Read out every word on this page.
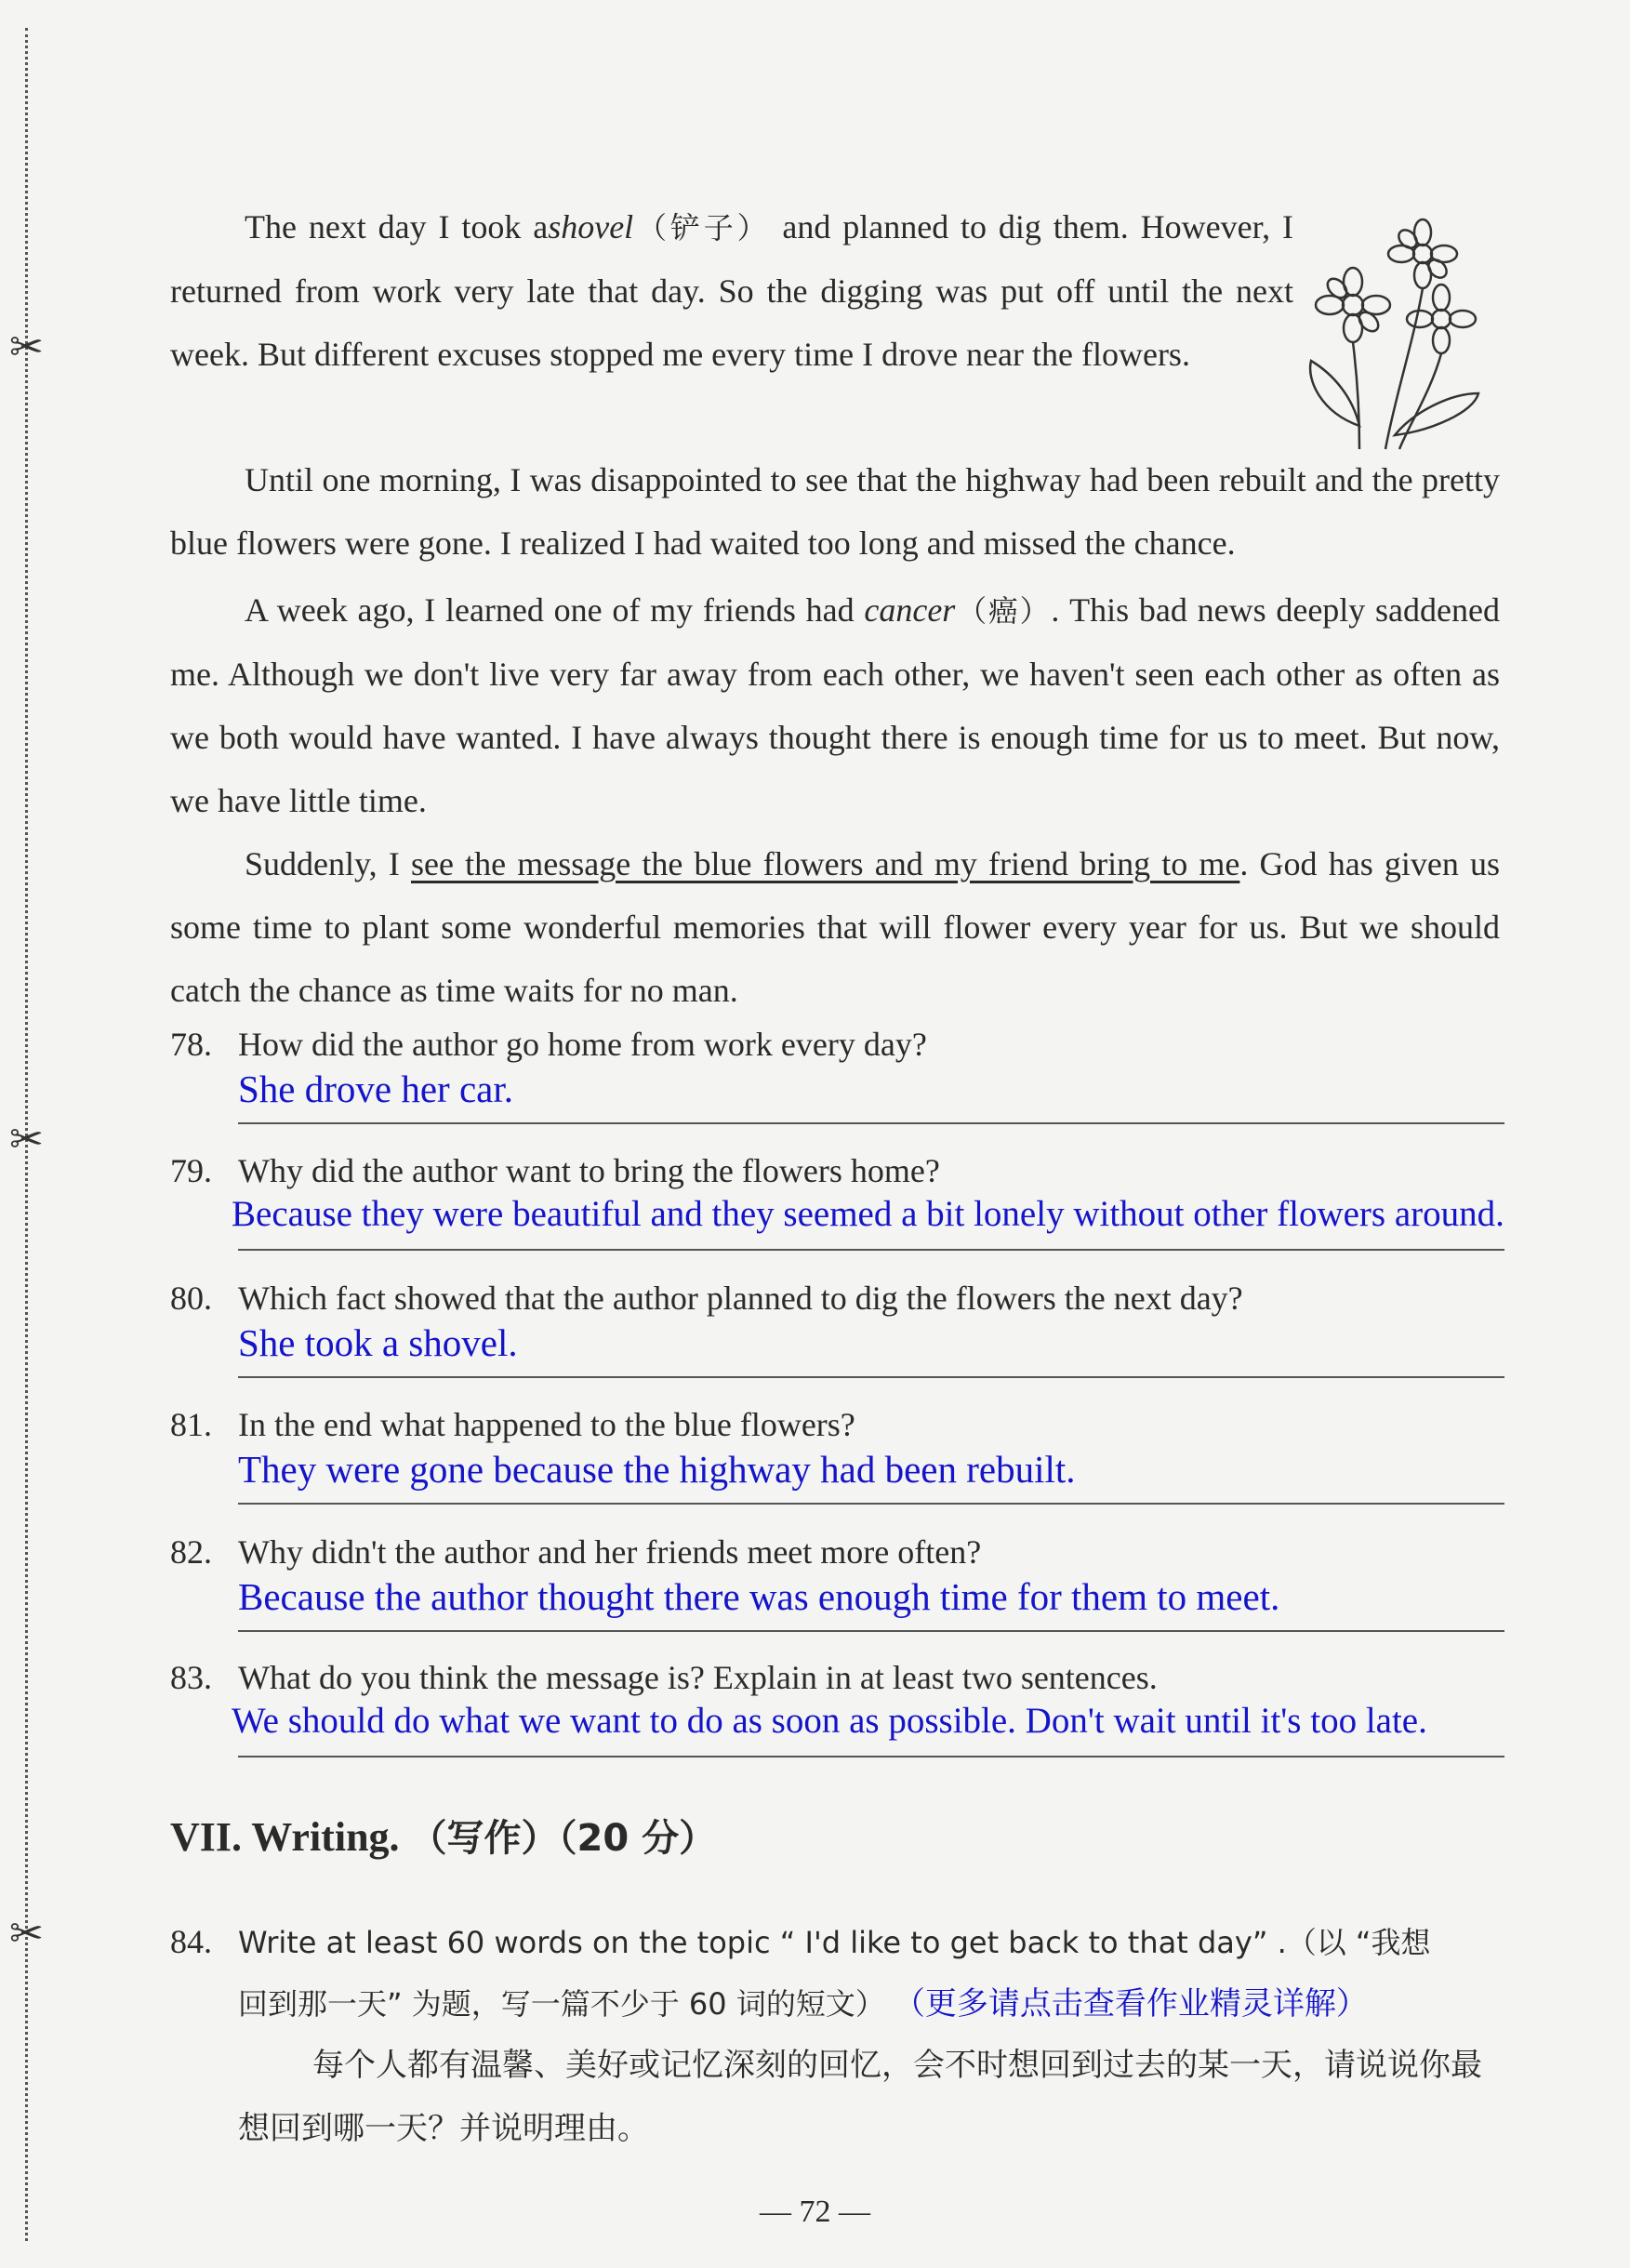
✂
✂
✂

The next day I took ashovel（铲子） and planned to dig them. However, I returned from work very late that day. So the digging was put off until the next week. But different excuses stopped me every time I drove near the flowers.

Until one morning, I was disappointed to see that the highway had been rebuilt and the pretty blue flowers were gone. I realized I had waited too long and missed the chance.

A week ago, I learned one of my friends had cancer（癌）. This bad news deeply saddened me. Although we don't live very far away from each other, we haven't seen each other as often as we both would have wanted. I have always thought there is enough time for us to meet. But now, we have little time.

Suddenly, I see the message the blue flowers and my friend bring to me. God has given us some time to plant some wonderful memories that will flower every year for us. But we should catch the chance as time waits for no man.

78. How did the author go home from work every day?
She drove her car.
79. Why did the author want to bring the flowers home?
Because they were beautiful and they seemed a bit lonely without other flowers around.
80. Which fact showed that the author planned to dig the flowers the next day?
She took a shovel.
81. In the end what happened to the blue flowers?
They were gone because the highway had been rebuilt.
82. Why didn't the author and her friends meet more often?
Because the author thought there was enough time for them to meet.
83. What do you think the message is? Explain in at least two sentences.
We should do what we want to do as soon as possible. Don't wait until it's too late.
VII. Writing. （写作）（20 分）
84. Write at least 60 words on the topic “ I'd like to get back to that day” .（以 “我想
回到那一天” 为题，写一篇不少于 60 词的短文） （更多请点击查看作业精灵详解）
每个人都有温馨、美好或记忆深刻的回忆，会不时想回到过去的某一天，请说说你最想回到哪一天？并说明理由。
— 72 —
